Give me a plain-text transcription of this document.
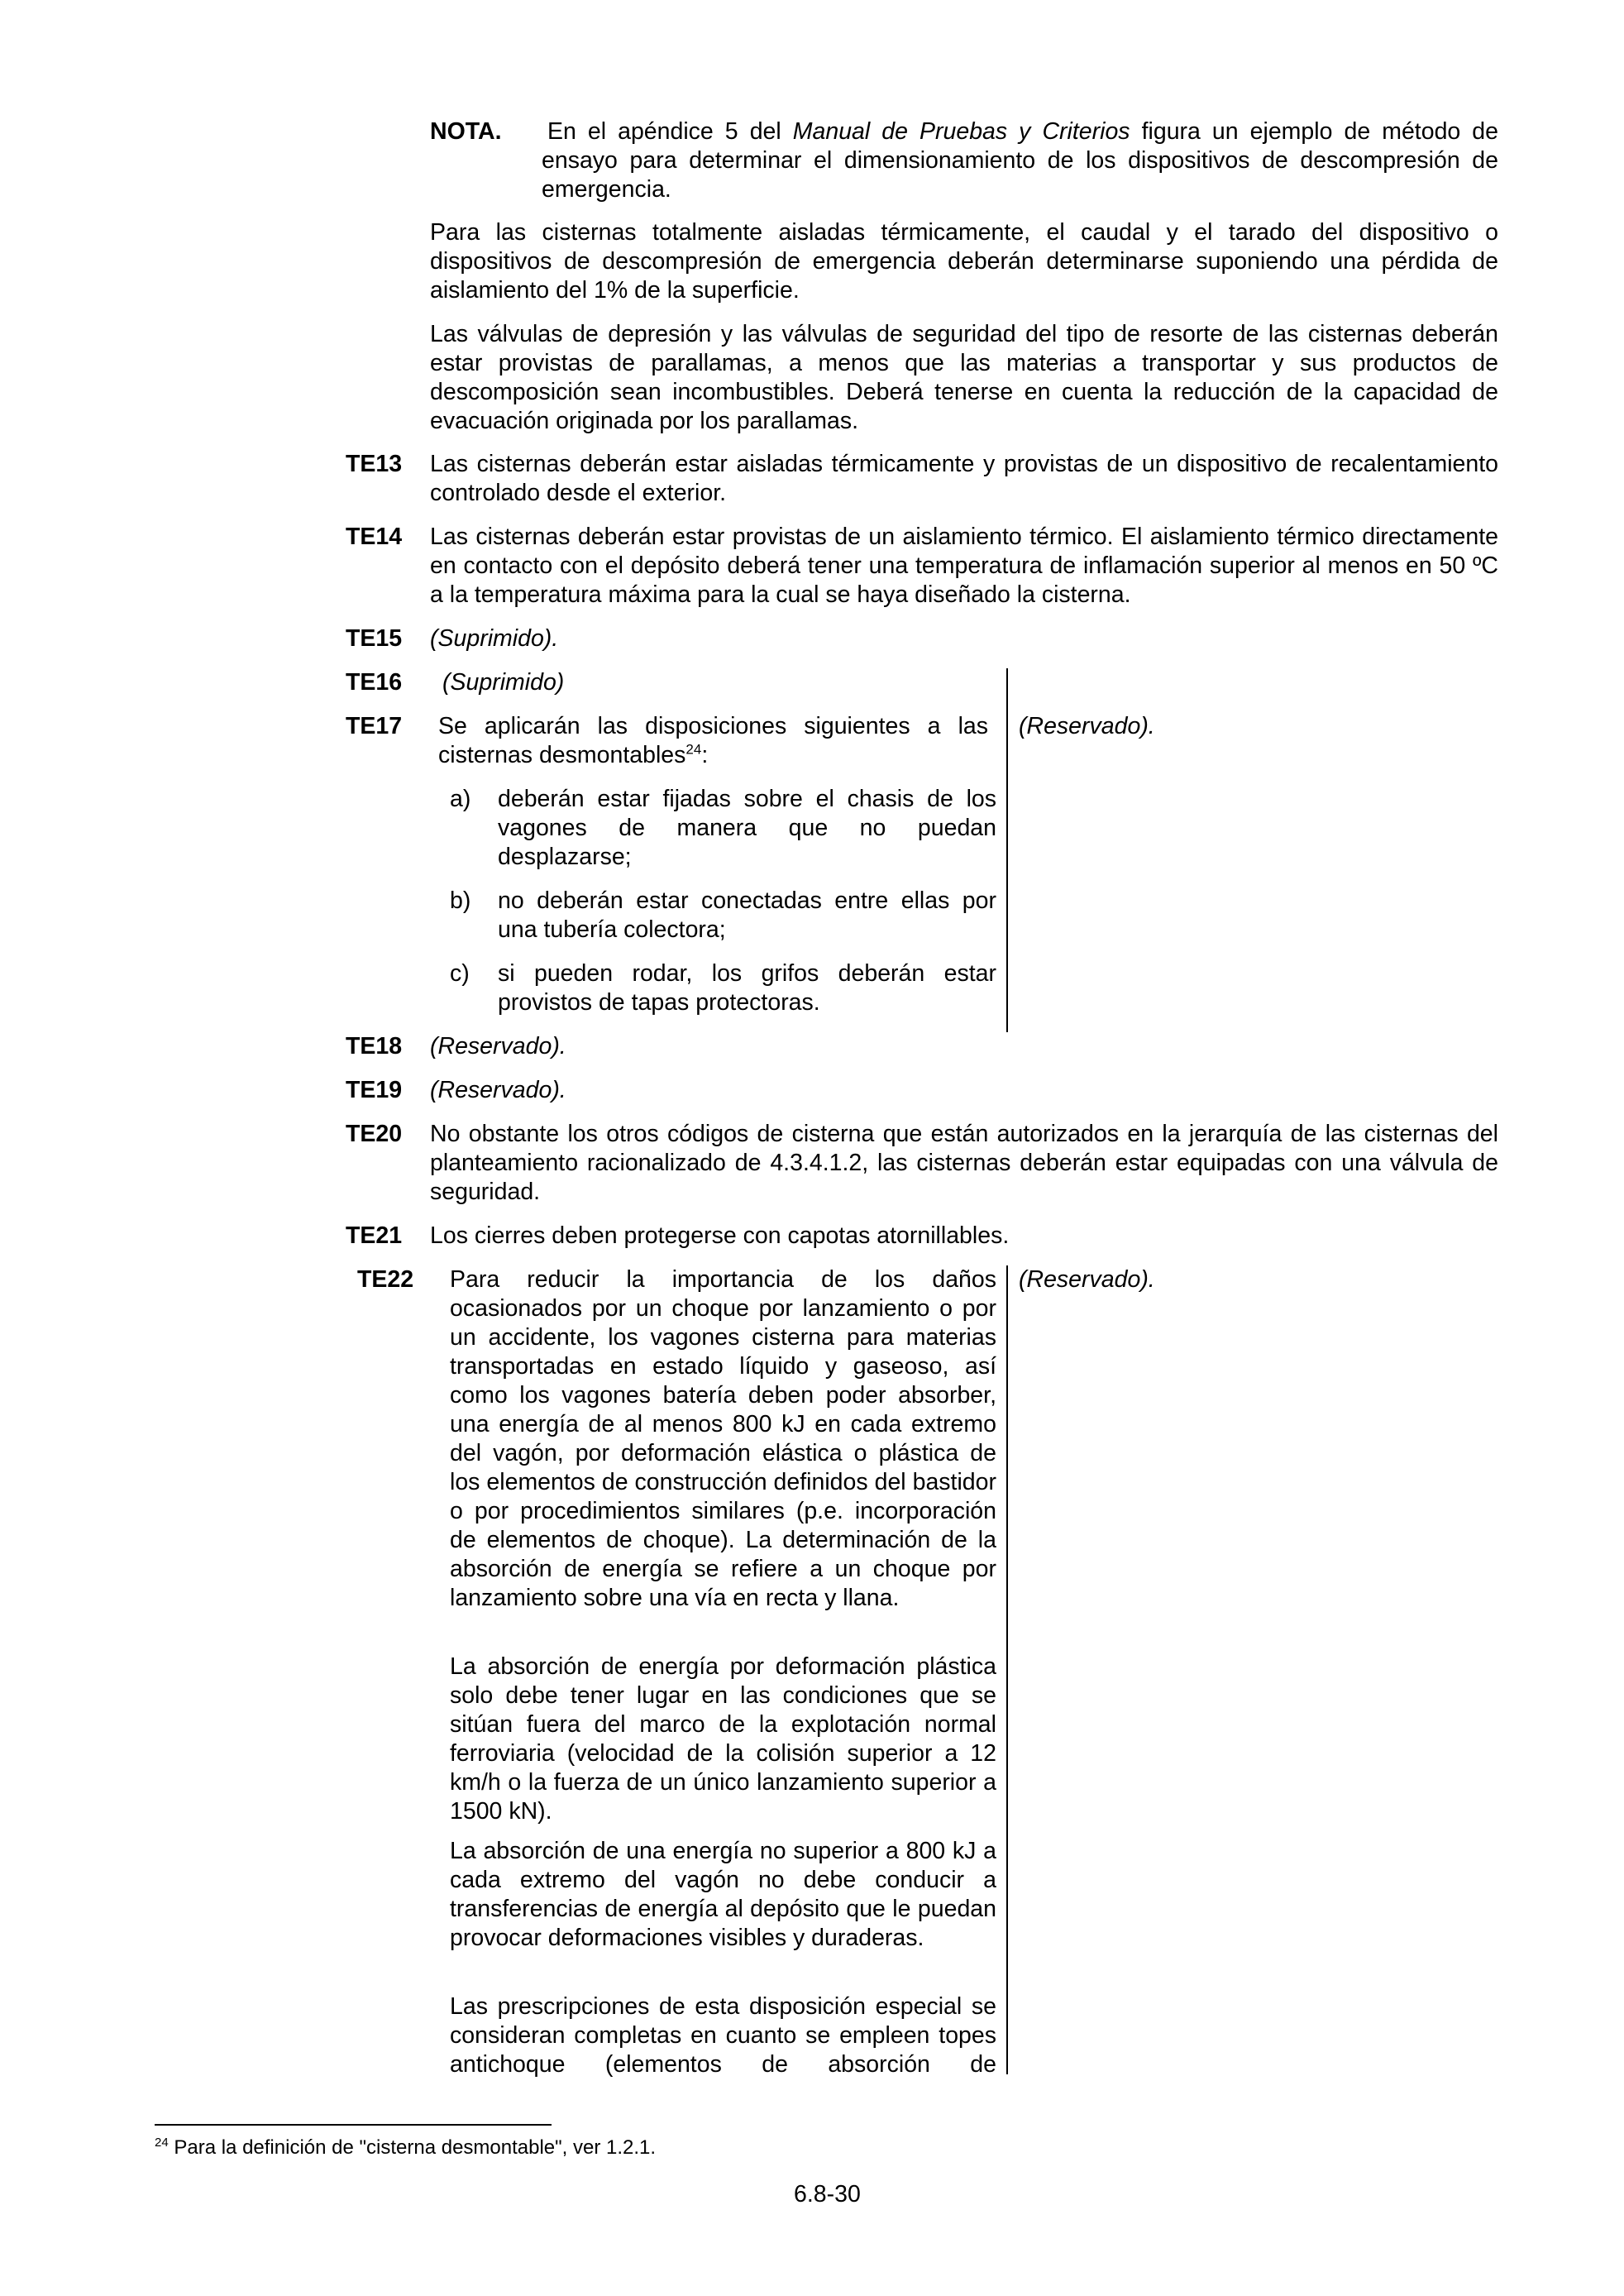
NOTA.	En el apéndice 5 del Manual de Pruebas y Criterios figura un ejemplo de método de ensayo para determinar el dimensionamiento de los dispositivos de descompresión de emergencia.

Para las cisternas totalmente aisladas térmicamente, el caudal y el tarado del dispositivo o dispositivos de descompresión de emergencia deberán determinarse suponiendo una pérdida de aislamiento del 1% de la superficie.

Las válvulas de depresión y las válvulas de seguridad del tipo de resorte de las cisternas deberán estar provistas de parallamas, a menos que las materias a transportar y sus productos de descomposición sean incombustibles. Deberá tenerse en cuenta la reducción de la capacidad de evacuación originada por los parallamas.

TE13 Las cisternas deberán estar aisladas térmicamente y provistas de un dispositivo de recalentamiento controlado desde el exterior.

TE14 Las cisternas deberán estar provistas de un aislamiento térmico. El aislamiento térmico directamente en contacto con el depósito deberá tener una temperatura de inflamación superior al menos en 50 ºC a la temperatura máxima para la cual se haya diseñado la cisterna.

TE15 (Suprimido).

TE16 (Suprimido)

TE17 Se aplicarán las disposiciones siguientes a las cisternas desmontables$^{24}$:

(Reservado).
a) deberán estar fijadas sobre el chasis de los vagones de manera que no puedan desplazarse;

b) no deberán estar conectadas entre ellas por una tubería colectora;

c) si pueden rodar, los grifos deberán estar provistos de tapas protectoras.

TE18 (Reservado).

TE19 (Reservado).

TE20 No obstante los otros códigos de cisterna que están autorizados en la jerarquía de las cisternas del planteamiento racionalizado de 4.3.4.1.2, las cisternas deberán estar equipadas con una válvula de seguridad.

TE21 Los cierres deben protegerse con capotas atornillables.

TE22	(Reservado).

Para reducir la importancia de los daños ocasionados por un choque por lanzamiento o por un accidente, los vagones cisterna para materias transportadas en estado líquido y gaseoso, así como los vagones batería deben poder absorber, una energía de al menos 800 kJ en cada extremo del vagón, por deformación elástica o plástica de los elementos de construcción definidos del bastidor o por procedimientos similares (p.e. incorporación de elementos de choque). La determinación de la absorción de energía se refiere a un choque por lanzamiento sobre una vía en recta y llana.

La absorción de energía por deformación plástica solo debe tener lugar en las condiciones que se sitúan fuera del marco de la explotación normal ferroviaria (velocidad de la colisión superior a 12 km/h o la fuerza de un único lanzamiento superior a 1500 kN).

La absorción de una energía no superior a 800 kJ a cada extremo del vagón no debe conducir a transferencias de energía al depósito que le puedan provocar deformaciones visibles y duraderas.

Las prescripciones de esta disposición especial se consideran completas en cuanto se empleen topes antichoque (elementos de absorción de

$^{24}$ Para la definición de "cisterna desmontable", ver 1.2.1.

6.8-30
